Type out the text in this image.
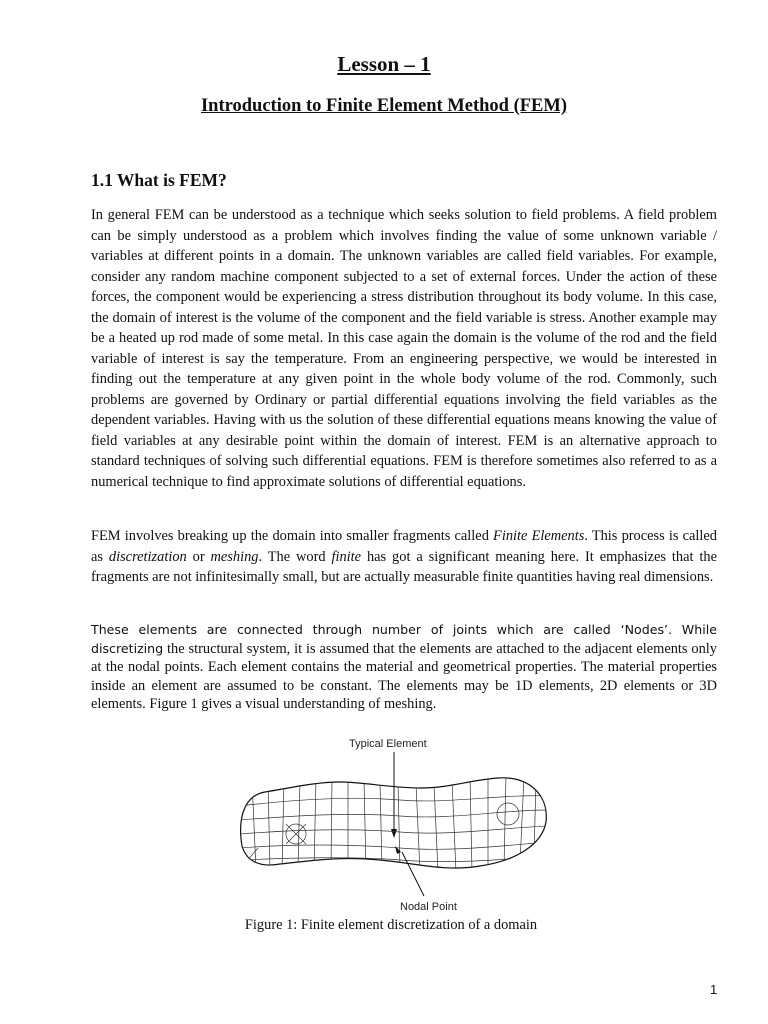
Lesson – 1
Introduction to Finite Element Method (FEM)
1.1 What is FEM?

In general FEM can be understood as a technique which seeks solution to field problems. A field problem can be simply understood as a problem which involves finding the value of some unknown variable / variables at different points in a domain. The unknown variables are called field variables. For example, consider any random machine component subjected to a set of external forces. Under the action of these forces, the component would be experiencing a stress distribution throughout its body volume. In this case, the domain of interest is the volume of the component and the field variable is stress. Another example may be a heated up rod made of some metal. In this case again the domain is the volume of the rod and the field variable of interest is say the temperature. From an engineering perspective, we would be interested in finding out the temperature at any given point in the whole body volume of the rod. Commonly, such problems are governed by Ordinary or partial differential equations involving the field variables as the dependent variables. Having with us the solution of these differential equations means knowing the value of field variables at any desirable point within the domain of interest. FEM is an alternative approach to standard techniques of solving such differential equations. FEM is therefore sometimes also referred to as a numerical technique to find approximate solutions of differential equations.

FEM involves breaking up the domain into smaller fragments called Finite Elements. This process is called as discretization or meshing. The word finite has got a significant meaning here. It emphasizes that the fragments are not infinitesimally small, but are actually measurable finite quantities having real dimensions.

These elements are connected through number of joints which are called ‘Nodes’. While discretizing the structural system, it is assumed that the elements are attached to the adjacent elements only at the nodal points. Each element contains the material and geometrical properties. The material properties inside an element are assumed to be constant. The elements may be 1D elements, 2D elements or 3D elements. Figure 1 gives a visual understanding of meshing.

Typical Element
Nodal Point

Figure 1: Finite element discretization of a domain

1
